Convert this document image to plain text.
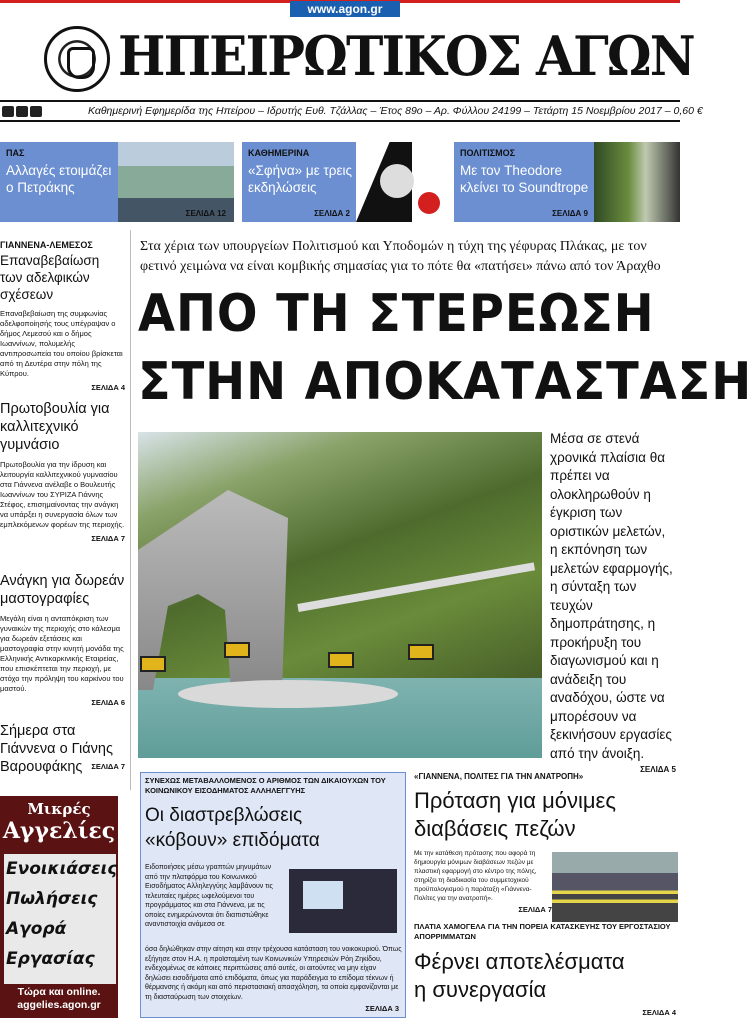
www.agon.gr
ΗΠΕΙΡΩΤΙΚΟΣ ΑΓΩΝ
Καθημερινή Εφημερίδα της Ηπείρου – Ιδρυτής Ευθ. Τζάλλας – Έτος 89ο – Αρ. Φύλλου 24199 – Τετάρτη 15 Νοεμβρίου 2017 – 0,60 €
ΠΑΣ
Αλλαγές ετοιμάζει
ο Πετράκης
ΣΕΛΙΔΑ 12
ΚΑΘΗΜΕΡΙΝΑ
«Σφήνα» με τρεις
εκδηλώσεις
ΣΕΛΙΔΑ 2
ΠΟΛΙΤΙΣΜΟΣ
Με τον Theodore
κλείνει το Soundtrope
ΣΕΛΙΔΑ 9
ΓΙΑΝΝΕΝΑ-ΛΕΜΕΣΟΣ
Επαναβεβαίωση των αδελφικών σχέσεων
Επαναβεβαίωση της συμφωνίας αδελφοποίησής τους υπέγραψαν ο δήμος Λεμεσού και ο δήμος Ιωαννίνων, πολυμελής αντιπροσωπεία του οποίου βρίσκεται από τη Δευτέρα στην πόλη της Κύπρου.
ΣΕΛΙΔΑ 4
Πρωτοβουλία για καλλιτεχνικό γυμνάσιο
Πρωτοβουλία για την ίδρυση και λειτουργία καλλιτεχνικού γυμνασίου στα Γιάννενα ανέλαβε ο Βουλευτής Ιωαννίνων του ΣΥΡΙΖΑ Γιάννης Στέφος, επισημαίνοντας την ανάγκη να υπάρξει η συνεργασία όλων των εμπλεκόμενων φορέων της περιοχής.
ΣΕΛΙΔΑ 7
Ανάγκη για δωρεάν μαστογραφίες
Μεγάλη είναι η ανταπόκριση των γυναικών της περιοχής στο κάλεσμα για δωρεάν εξετάσεις και μαστογραφία στην κινητή μονάδα της Ελληνικής Αντικαρκινικής Εταιρείας, που επισκέπτεται την περιοχή, με στόχο την πρόληψη του καρκίνου του μαστού.
ΣΕΛΙΔΑ 6
Σήμερα στα Γιάννενα ο Γιάνης Βαρουφάκης	ΣΕΛΙΔΑ 7
Στα χέρια των υπουργείων Πολιτισμού και Υποδομών η τύχη της γέφυρας Πλάκας, με τον φετινό χειμώνα να είναι κομβικής σημασίας για το πότε θα «πατήσει» πάνω από τον Άραχθο
ΑΠΟ ΤΗ ΣΤΕΡΕΩΣΗ
ΣΤΗΝ ΑΠΟΚΑΤΑΣΤΑΣΗ
Μέσα σε στενά χρονικά πλαίσια θα πρέπει να ολοκληρωθούν η έγκριση των οριστικών μελετών, η εκπόνηση των μελετών εφαρμογής, η σύνταξη των τευχών δημοπράτησης, η προκήρυξη του διαγωνισμού και η ανάδειξη του αναδόχου, ώστε να μπορέσουν να ξεκινήσουν εργασίες από την άνοιξη.
ΣΕΛΙΔΑ 5
Μικρές
Αγγελίες
Ενοικιάσεις
Πωλήσεις
Αγορά
Εργασίας
Τώρα και online.
aggelies.agon.gr
ΣΥΝΕΧΩΣ ΜΕΤΑΒΑΛΛΟΜΕΝΟΣ Ο ΑΡΙΘΜΟΣ ΤΩΝ ΔΙΚΑΙΟΥΧΩΝ ΤΟΥ ΚΟΙΝΩΝΙΚΟΥ ΕΙΣΟΔΗΜΑΤΟΣ ΑΛΛΗΛΕΓΓΥΗΣ
Οι διαστρεβλώσεις
«κόβουν» επιδόματα
Ειδοποιήσεις μέσω γραπτών μηνυμάτων από την πλατφόρμα του Κοινωνικού Εισοδήματος Αλληλεγγύης λαμβάνουν τις τελευταίες ημέρες ωφελούμενοι του προγράμματος και στα Γιάννενα, με τις οποίες ενημερώνονται ότι διαπιστώθηκε αναντιστοιχία ανάμεσα σε
όσα δηλώθηκαν στην αίτηση και στην τρέχουσα κατάσταση του νοικοκυριού. Όπως εξήγησε στον Η.Α. η προϊσταμένη των Κοινωνικών Υπηρεσιών Ρόη Ζηκίδου, ενδεχομένως σε κάποιες περιπτώσεις από αυτές, οι αιτούντες να μην είχαν δηλώσει εισοδήματα από επιδόματα, όπως για παράδειγμα το επίδομα τέκνων ή θέρμανσης ή ακόμη και από περιστασιακή απασχόληση, τα οποία εμφανίζονται με τη διασταύρωση των στοιχείων.
ΣΕΛΙΔΑ 3
«ΓΙΑΝΝΕΝΑ, ΠΟΛΙΤΕΣ ΓΙΑ ΤΗΝ ΑΝΑΤΡΟΠΗ»
Πρόταση για μόνιμες
διαβάσεις πεζών
Με την κατάθεση πρότασης που αφορά τη δημιουργία μόνιμων διαβάσεων πεζών με πλαστική εφαρμογή στο κέντρο της πόλης, στηρίζει τη διαδικασία του συμμετοχικού προϋπολογισμού η παράταξη «Γιάννενα-Πολίτες για την ανατροπή».
ΣΕΛΙΔΑ 7
ΠΛΑΤΙΑ ΧΑΜΟΓΕΛΑ ΓΙΑ ΤΗΝ ΠΟΡΕΙΑ ΚΑΤΑΣΚΕΥΗΣ ΤΟΥ ΕΡΓΟΣΤΑΣΙΟΥ ΑΠΟΡΡΙΜΜΑΤΩΝ
Φέρνει αποτελέσματα
η συνεργασία
ΣΕΛΙΔΑ 4
